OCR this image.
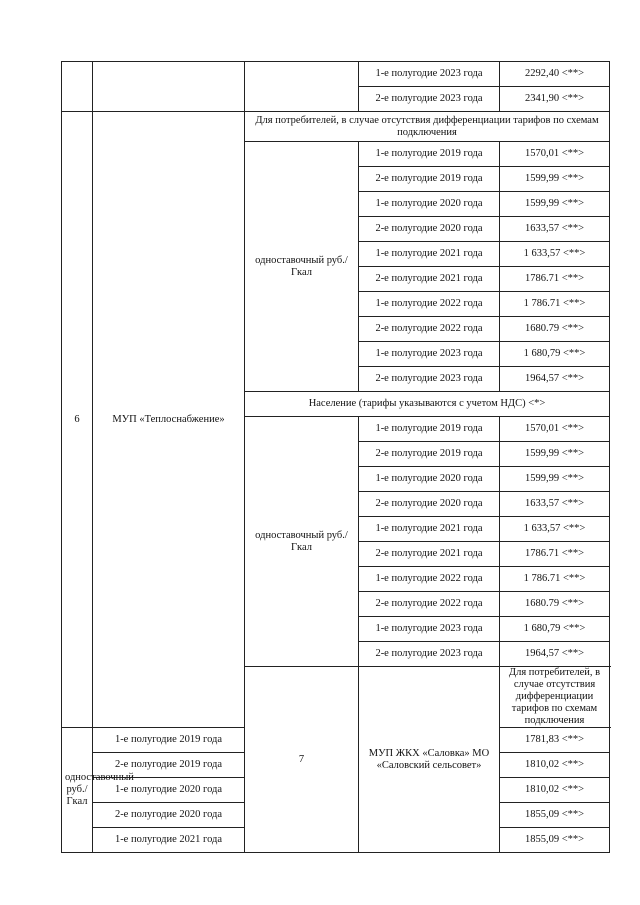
			1-е полугодие 2023 года	2292,40 <**>
			2-е полугодие 2023 года	2341,90 <**>
6	МУП «Теплоснабжение»	Для потребителей, в случае отсутствия дифференциации тарифов по схемам подключения		
		одноставочный руб./Гкал	1-е полугодие 2019 года	1570,01 <**>
			2-е полугодие 2019 года	1599,99 <**>
			1-е полугодие 2020 года	1599,99 <**>
			2-е полугодие 2020 года	1633,57 <**>
			1-е полугодие 2021 года	1 633,57 <**>
			2-е полугодие 2021 года	1786.71 <**>
			1-е полугодие 2022 года	1 786.71 <**>
			2-е полугодие 2022 года	1680.79 <**>
			1-е полугодие 2023 года	1 680,79 <**>
			2-е полугодие 2023 года	1964,57 <**>
		Население (тарифы указываются с учетом НДС) <*>		
		одноставочный руб./Гкал	1-е полугодие 2019 года	1570,01 <**>
			2-е полугодие 2019 года	1599,99 <**>
			1-е полугодие 2020 года	1599,99 <**>
			2-е полугодие 2020 года	1633,57 <**>
			1-е полугодие 2021 года	1 633,57 <**>
			2-е полугодие 2021 года	1786.71 <**>
			1-е полугодие 2022 года	1 786.71 <**>
			2-е полугодие 2022 года	1680.79 <**>
			1-е полугодие 2023 года	1 680,79 <**>
			2-е полугодие 2023 года	1964,57 <**>
		7	МУП ЖКХ «Саловка» МО «Саловский сельсовет»	Для потребителей, в случае отсутствия дифференциации тарифов по схемам подключения
одноставочный руб./Гкал	1-е полугодие 2019 года			1781,83 <**>
	2-е полугодие 2019 года			1810,02 <**>
	1-е полугодие 2020 года			1810,02 <**>
	2-е полугодие 2020 года			1855,09 <**>
	1-е полугодие 2021 года			1855,09 <**>
